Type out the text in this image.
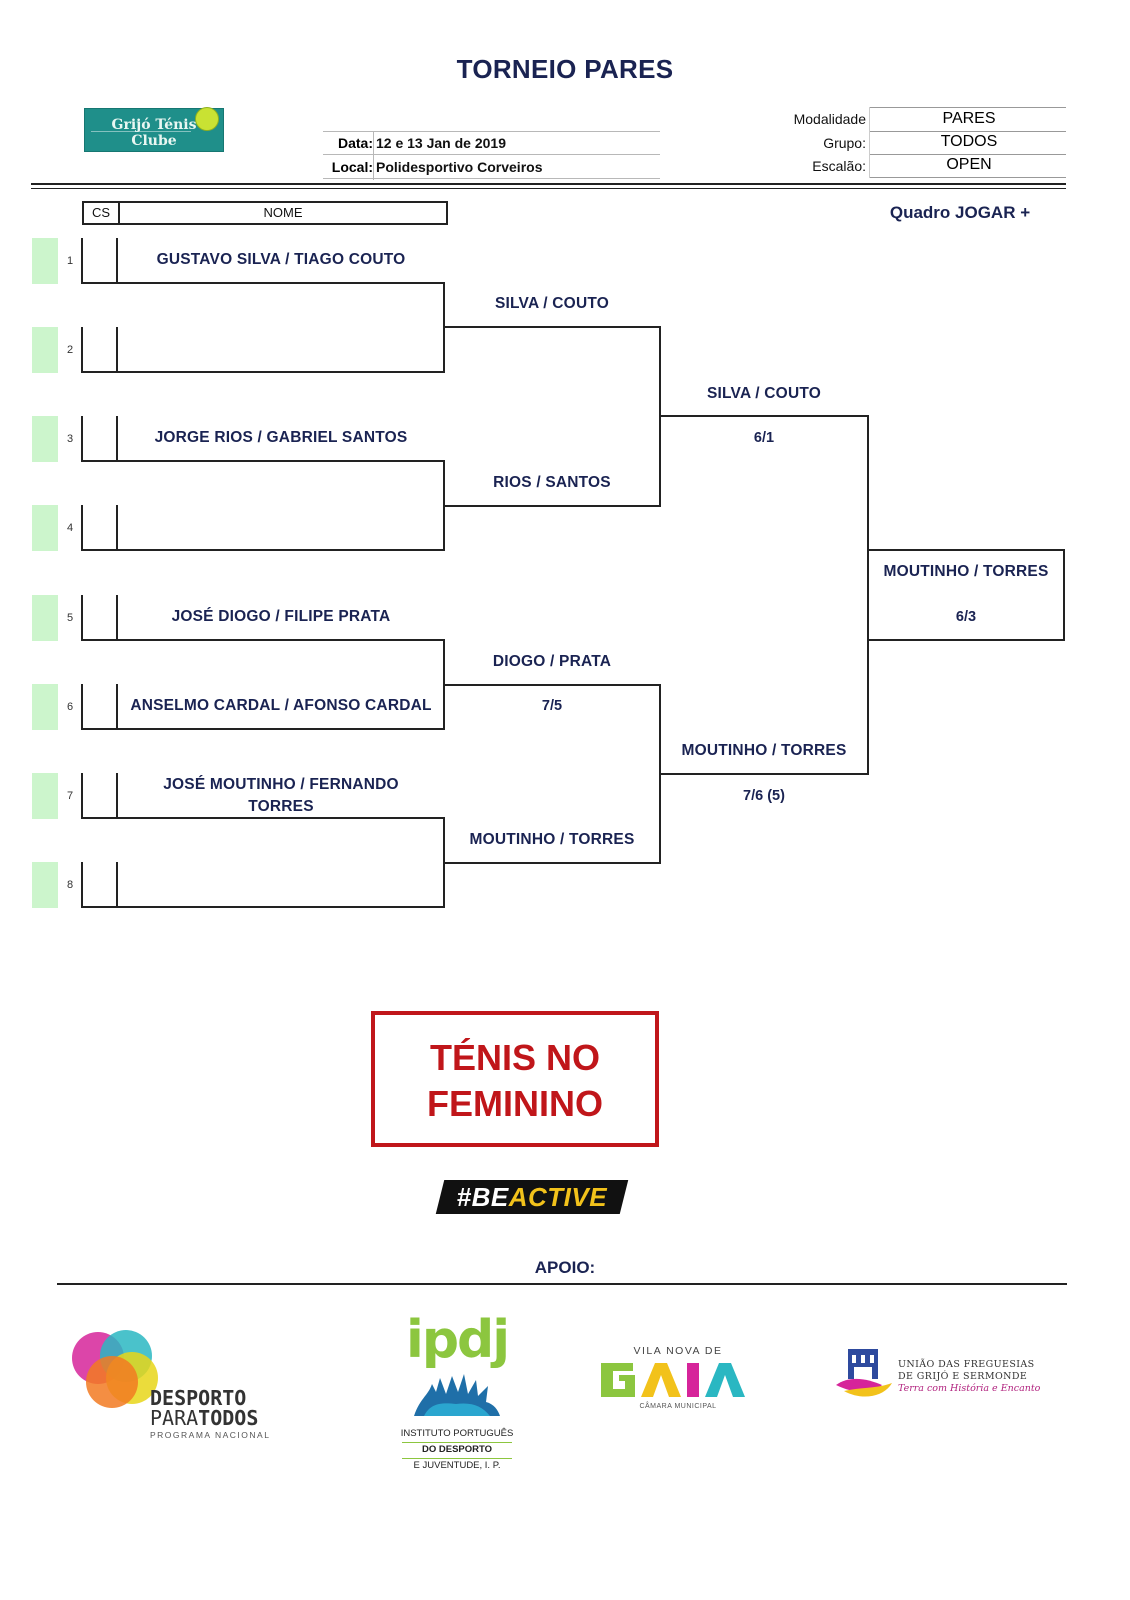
TORNEIO PARES
Grijó Ténis Clube	Data: 12 e 13 Jan de 2019
Local: Polidesportivo Corveiros
Modalidade	PARES
Grupo:	TODOS
Escalão:	OPEN
CS	NOME	Quadro JOGAR +
1	GUSTAVO SILVA / TIAGO COUTO
2
3	JORGE RIOS / GABRIEL SANTOS
4
5	JOSÉ DIOGO / FILIPE PRATA
6	ANSELMO CARDAL / AFONSO CARDAL
7
JOSÉ MOUTINHO / FERNANDO
TORRES
8
SILVA / COUTO
RIOS / SANTOS
DIOGO / PRATA
7/5
MOUTINHO / TORRES
SILVA / COUTO
6/1
MOUTINHO / TORRES
7/6 (5)
MOUTINHO / TORRES
6/3
TÉNIS NO
FEMININO
#BEACTIVE
APOIO:
DESPORTO
PARATODOS
PROGRAMA NACIONAL
ipdj
INSTITUTO PORTUGUÊS
DO DESPORTO
E JUVENTUDE, I. P.
VILA NOVA DE
CÂMARA MUNICIPAL
UNIÃO DAS FREGUESIAS
DE GRIJÓ E SERMONDE
Terra com História e Encanto
